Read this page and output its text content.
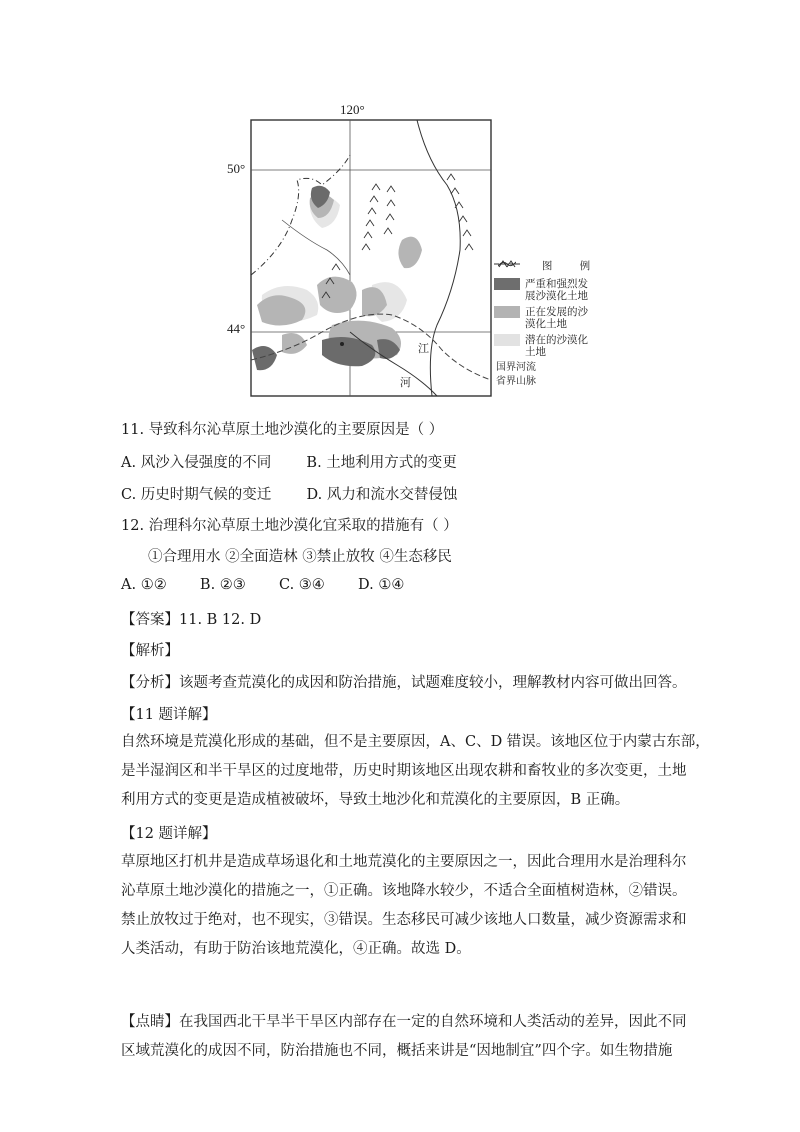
120°
50°
44°
江
河
图 例
严重和强烈发展沙漠化土地
正在发展的沙漠化土地
潜在的沙漠化土地
国界 河流
省界 山脉
11. 导致科尔沁草原土地沙漠化的主要原因是（ ）
A. 风沙入侵强度的不同 B. 土地利用方式的变更
C. 历史时期气候的变迁 D. 风力和流水交替侵蚀
12. 治理科尔沁草原土地沙漠化宜采取的措施有（ ）
①合理用水 ②全面造林 ③禁止放牧 ④生态移民
A. ①② B. ②③ C. ③④ D. ①④
【答案】11. B 12. D
【解析】
【分析】该题考查荒漠化的成因和防治措施，试题难度较小，理解教材内容可做出回答。
【11 题详解】
自然环境是荒漠化形成的基础，但不是主要原因，A、C、D 错误。该地区位于内蒙古东部，
是半湿润区和半干旱区的过度地带，历史时期该地区出现农耕和畜牧业的多次变更，土地
利用方式的变更是造成植被破坏，导致土地沙化和荒漠化的主要原因，B 正确。
【12 题详解】
草原地区打机井是造成草场退化和土地荒漠化的主要原因之一，因此合理用水是治理科尔
沁草原土地沙漠化的措施之一，①正确。该地降水较少，不适合全面植树造林，②错误。
禁止放牧过于绝对，也不现实，③错误。生态移民可减少该地人口数量，减少资源需求和
人类活动，有助于防治该地荒漠化，④正确。故选 D。
【点睛】在我国西北干旱半干旱区内部存在一定的自然环境和人类活动的差异，因此不同
区域荒漠化的成因不同，防治措施也不同，概括来讲是“因地制宜”四个字。如生物措施
